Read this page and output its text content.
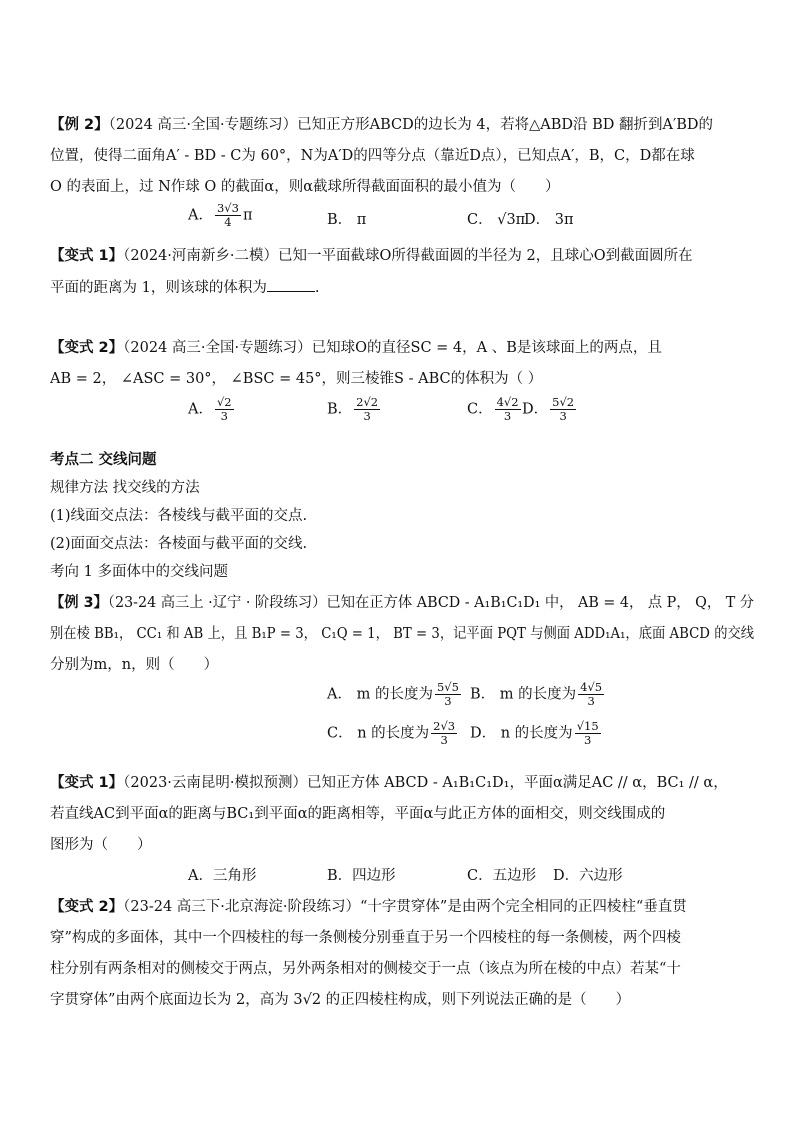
【例 2】（2024 高三·全国·专题练习）已知正方形ABCD的边长为 4，若将△ABD沿 BD 翻折到A′BD的
位置，使得二面角A′ - BD - C为 60°，N为A′D的四等分点（靠近D点），已知点A′，B，C，D都在球
O 的表面上，过 N作球 O 的截面α，则α截球所得截面面积的最小值为（　　）
A． $\frac{3√3}{4}$ π	B． π	C． √3π
D． 3π
【变式 1】（2024·河南新乡·二模）已知一平面截球O所得截面圆的半径为 2，且球心O到截面圆所在
平面的距离为 1，则该球的体积为	.
【变式 2】（2024 高三·全国·专题练习）已知球O的直径SC = 4，A 、B是该球面上的两点，且
AB = 2， ∠ASC = 30°， ∠BSC = 45°，则三棱锥S - ABC的体积为（ ）
A． $\frac{√2}{3}$	B． $\frac{2√2}{3}$	C． $\frac{4√2}{3}$ D． $\frac{5√2}{3}$
考点二 交线问题
规律方法 找交线的方法
(1)线面交点法：各棱线与截平面的交点.
(2)面面交点法：各棱面与截平面的交线.
考向 1 多面体中的交线问题
【例 3】（23-24 高三上 ·辽宁 · 阶段练习）已知在正方体 ABCD - A₁B₁C₁D₁ 中， AB = 4， 点 P， Q， T 分
别在棱 BB₁， CC₁ 和 AB 上，且 B₁P = 3， C₁Q = 1， BT = 3，记平面 PQT 与侧面 ADD₁A₁，底面 ABCD 的交线
分别为m，n，则（　　）
A． m 的长度为 $\frac{5√5}{3}$ B． m 的长度为 $\frac{4√5}{3}$
C． n 的长度为 $\frac{2√3}{3}$ D． n 的长度为 $\frac{√15}{3}$
【变式 1】（2023·云南昆明·模拟预测）已知正方体 ABCD - A₁B₁C₁D₁，平面α满足AC // α，BC₁ // α，
若直线AC到平面α的距离与BC₁到平面α的距离相等，平面α与此正方体的面相交，则交线围成的
图形为（　　）
A．三角形	B．四边形	C．五边形 D．六边形
【变式 2】（23-24 高三下·北京海淀·阶段练习）“十字贯穿体”是由两个完全相同的正四棱柱“垂直贯
穿”构成的多面体，其中一个四棱柱的每一条侧棱分别垂直于另一个四棱柱的每一条侧棱，两个四棱
柱分别有两条相对的侧棱交于两点，另外两条相对的侧棱交于一点（该点为所在棱的中点）若某“十
字贯穿体”由两个底面边长为 2，高为 3√2 的正四棱柱构成，则下列说法正确的是（　　）
